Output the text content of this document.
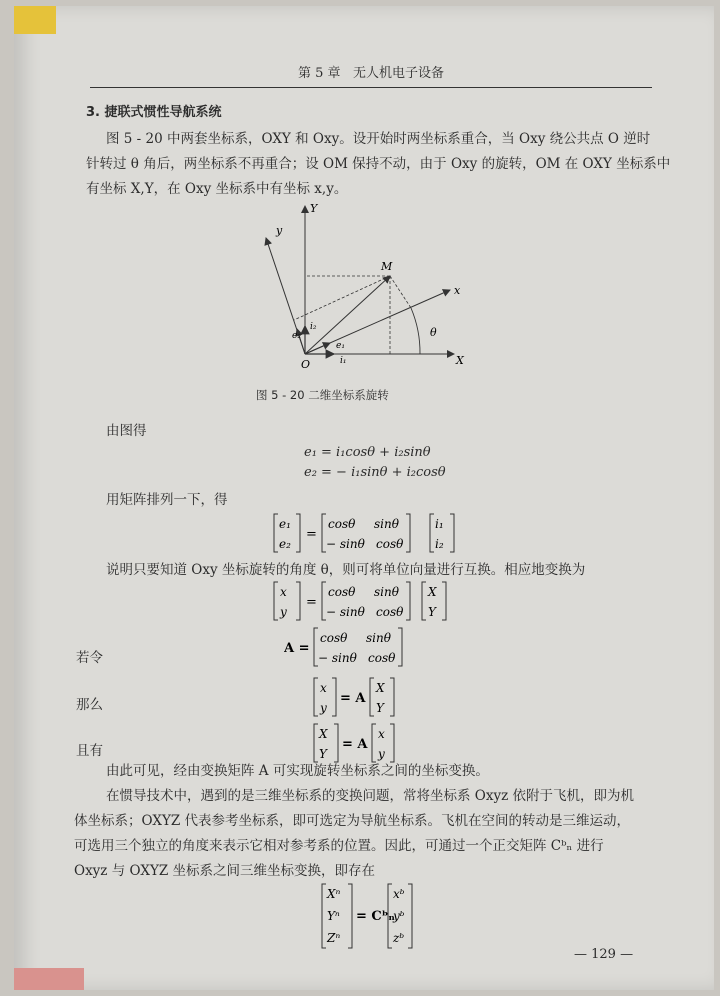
第 5 章 无人机电子设备
3. 捷联式惯性导航系统
图 5 - 20 中两套坐标系，OXY 和 Oxy。设开始时两坐标系重合，当 Oxy 绕公共点 O 逆时
针转过 θ 角后，两坐标系不再重合；设 OM 保持不动，由于 Oxy 的旋转，OM 在 OXY 坐标系中
有坐标 X,Y，在 Oxy 坐标系中有坐标 x,y。
Y
X
y
x
M
O
θ
e₁
e₂
i₂
i₁
图 5 - 20 二维坐标系旋转
由图得
e₁ = i₁cosθ + i₂sinθ
e₂ = − i₁sinθ + i₂cosθ
用矩阵排列一下，得
e₁
e₂
=
cosθ sinθ
− sinθ cosθ
i₁
i₂
说明只要知道 Oxy 坐标旋转的角度 θ，则可将单位向量进行互换。相应地变换为
x
y
=
cosθ sinθ
− sinθ cosθ
X
Y
若令
A =
cosθ sinθ
− sinθ cosθ
那么
x
y
= A
X
Y
且有
X
Y
= A
x
y
由此可见，经由变换矩阵 A 可实现旋转坐标系之间的坐标变换。
在惯导技术中，遇到的是三维坐标系的变换问题，常将坐标系 Oxyz 依附于飞机，即为机
体坐标系；OXYZ 代表参考坐标系，即可选定为导航坐标系。飞机在空间的转动是三维运动，
可选用三个独立的角度来表示它相对参考系的位置。因此，可通过一个正交矩阵 Cᵇₙ 进行
Oxyz 与 OXYZ 坐标系之间三维坐标变换，即存在
Xⁿ
Yⁿ
Zⁿ
= Cᵇₙ
xᵇ
yᵇ
zᵇ
— 129 —
